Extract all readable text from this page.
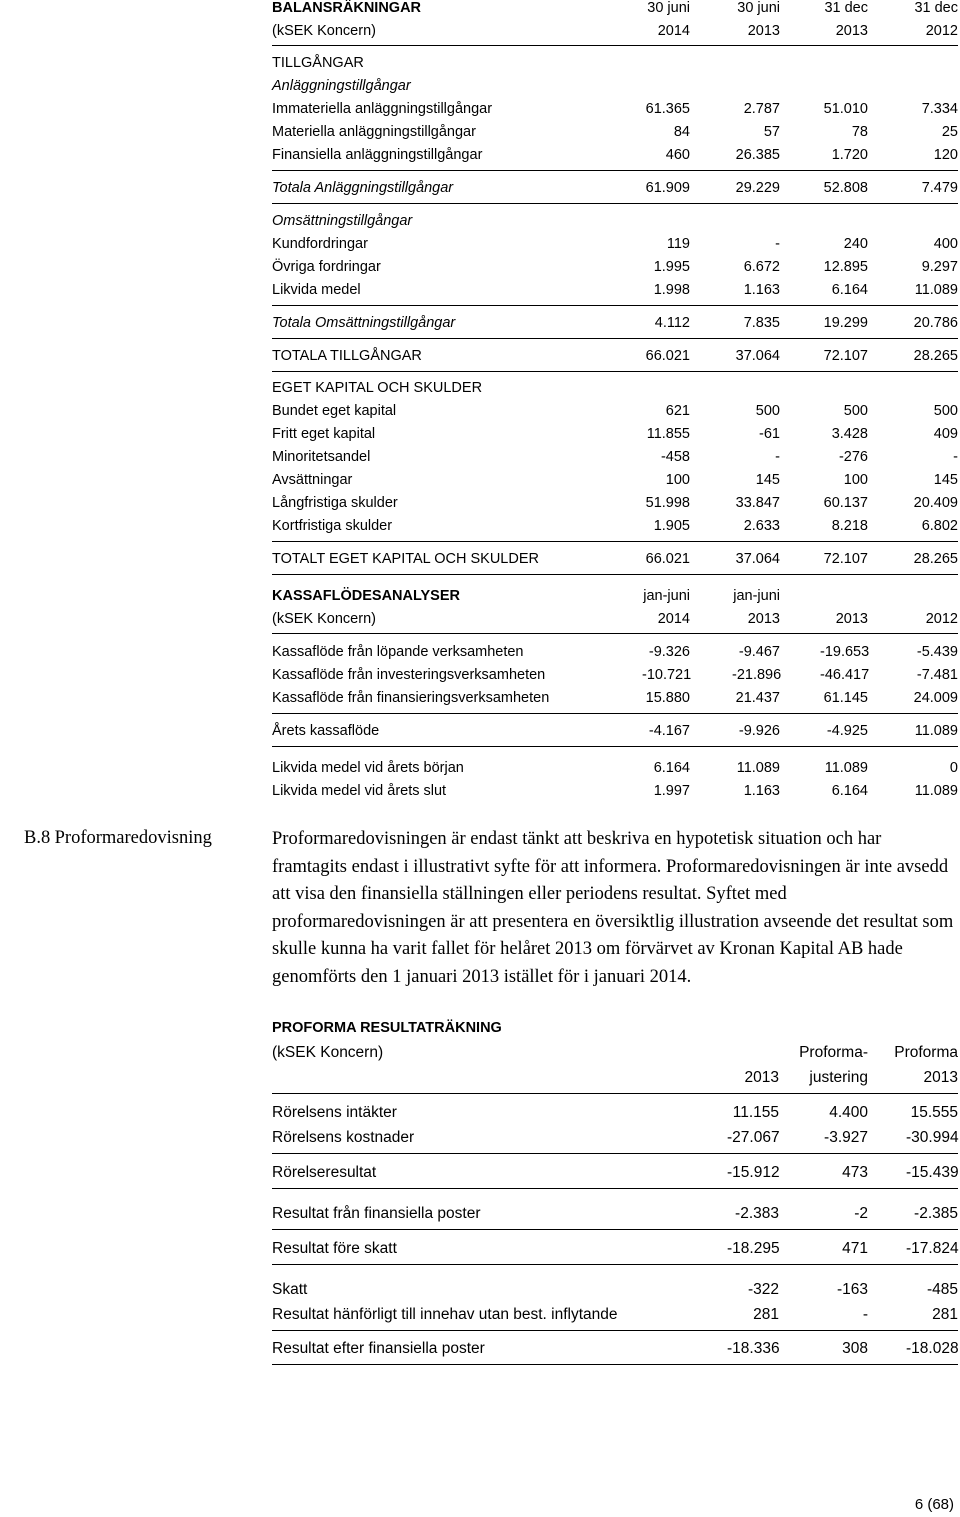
BALANSRÄKNINGAR	30 juni	30 juni	31 dec	31 dec
(kSEK Koncern)	2014	2013	2013	2012
TILLGÅNGAR
Anläggningstillgångar
Immateriella anläggningstillgångar	61.365	2.787	51.010	7.334
Materiella anläggningstillgångar	84	57	78	25
Finansiella anläggningstillgångar	460	26.385	1.720	120
Totala Anläggningstillgångar	61.909	29.229	52.808	7.479
Omsättningstillgångar
Kundfordringar	119	-	240	400
Övriga fordringar	1.995	6.672	12.895	9.297
Likvida medel	1.998	1.163	6.164	11.089
Totala Omsättningstillgångar	4.112	7.835	19.299	20.786
TOTALA TILLGÅNGAR	66.021	37.064	72.107	28.265
EGET KAPITAL OCH SKULDER
Bundet eget kapital	621	500	500	500
Fritt eget kapital	11.855	-61	3.428	409
Minoritetsandel	-458	-	-276	-
Avsättningar	100	145	100	145
Långfristiga skulder	51.998	33.847	60.137	20.409
Kortfristiga skulder	1.905	2.633	8.218	6.802
TOTALT EGET KAPITAL OCH SKULDER	66.021	37.064	72.107	28.265
KASSAFLÖDESANALYSER	jan-juni	jan-juni
(kSEK Koncern)	2014	2013	2013	2012
Kassaflöde från löpande verksamheten	-9.326	-9.467	-19.653	-5.439
Kassaflöde från investeringsverksamheten	-10.721	-21.896	-46.417	-7.481
Kassaflöde från finansieringsverksamheten	15.880	21.437	61.145	24.009
Årets kassaflöde	-4.167	-9.926	-4.925	11.089
Likvida medel vid årets början	6.164	11.089	11.089	0
Likvida medel vid årets slut	1.997	1.163	6.164	11.089
B.8 Proformaredovisning	Proformaredovisningen är endast tänkt att beskriva en hypotetisk situation och har framtagits endast i illustrativt syfte för att informera. Proformaredovisningen är inte avsedd att visa den finansiella ställningen eller periodens resultat. Syftet med proformaredovisningen är att presentera en översiktlig illustration avseende det resultat som skulle kunna ha varit fallet för helåret 2013 om förvärvet av Kronan Kapital AB hade genomförts den 1 januari 2013 istället för i januari 2014.
PROFORMA RESULTATRÄKNING
(kSEK Koncern)	Proforma-	Proforma
2013	justering	2013
Rörelsens intäkter	11.155	4.400	15.555
Rörelsens kostnader	-27.067	-3.927 -30.994
Rörelseresultat	-15.912	473 -15.439
Resultat från finansiella poster	-2.383	-2	-2.385
Resultat före skatt	-18.295	471 -17.824
Skatt	-322	-163	-485
Resultat hänförligt till innehav utan best. inflytande	281	-	281
Resultat efter finansiella poster	-18.336	308 -18.028
6 (68)
